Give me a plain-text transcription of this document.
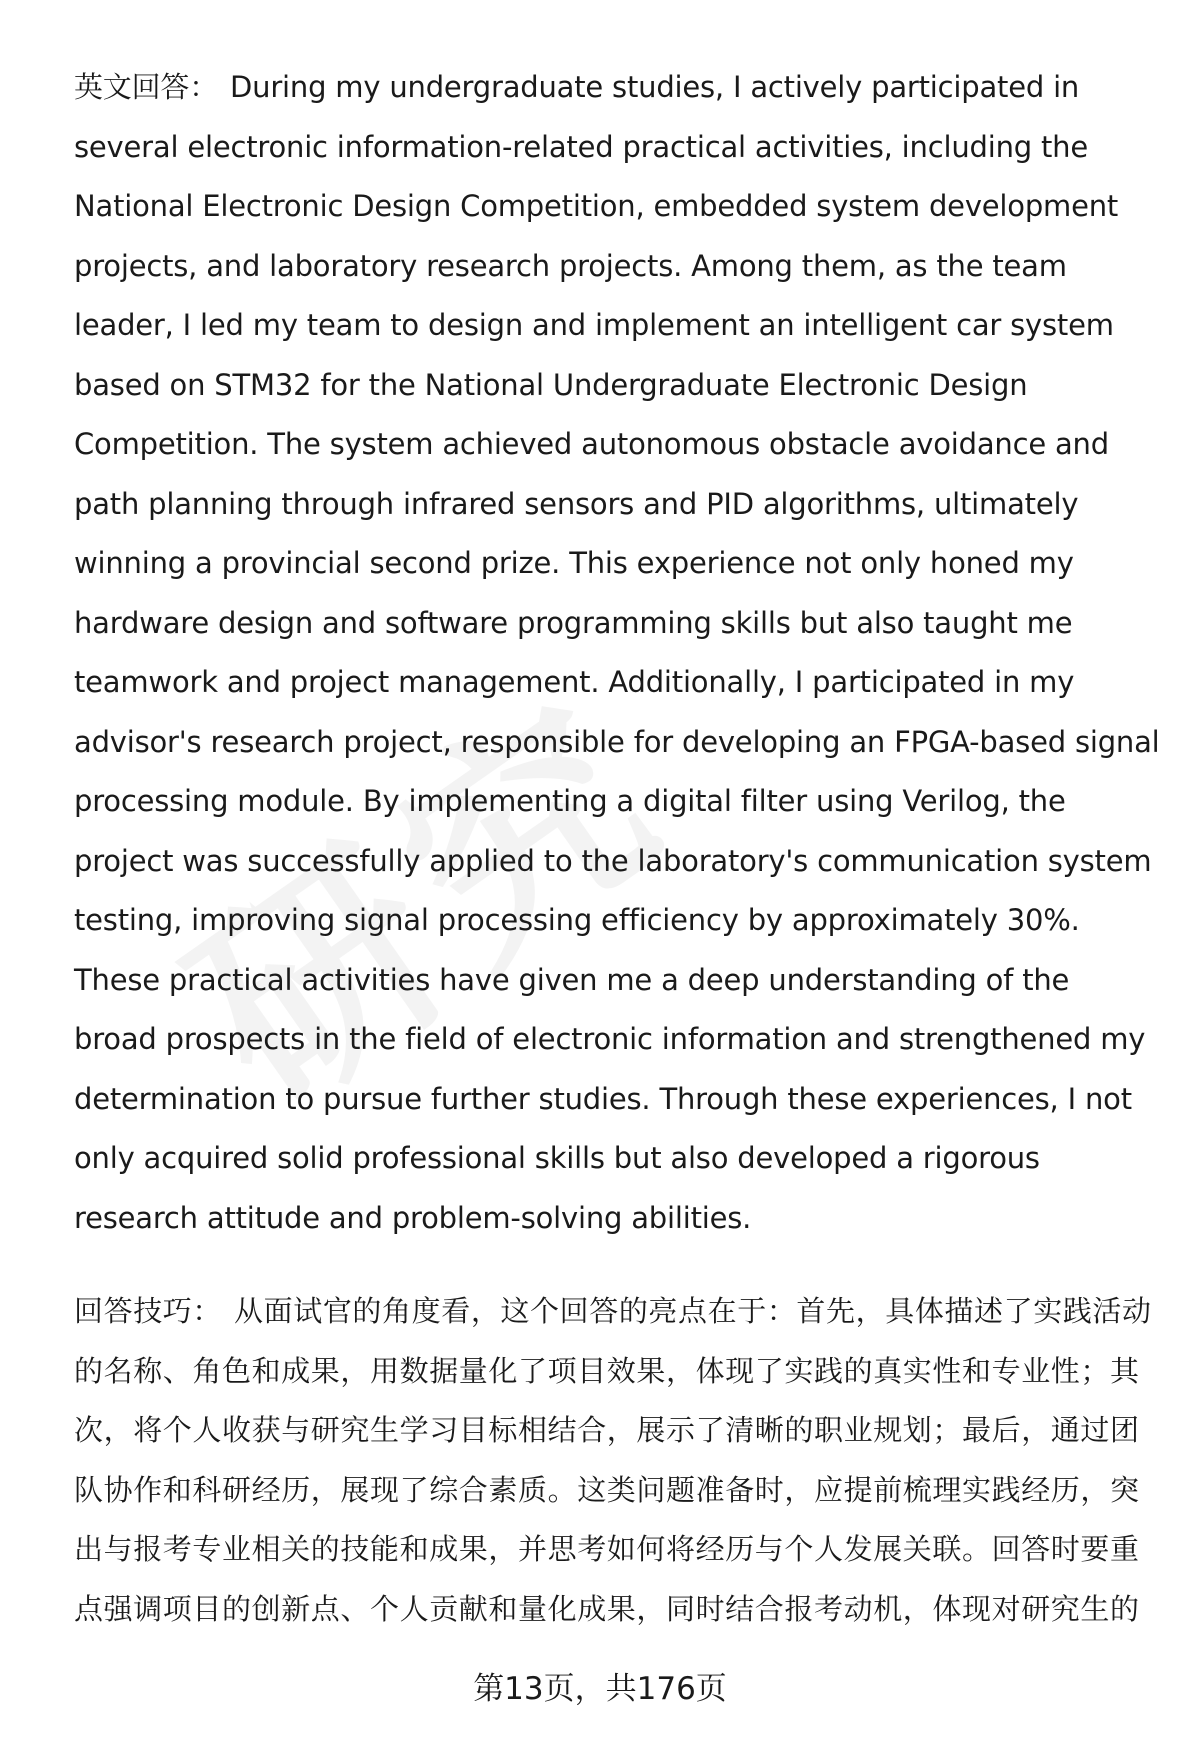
英文回答： During my undergraduate studies, I actively participated in several electronic information-related practical activities, including the National Electronic Design Competition, embedded system development projects, and laboratory research projects. Among them, as the team leader, I led my team to design and implement an intelligent car system based on STM32 for the National Undergraduate Electronic Design Competition. The system achieved autonomous obstacle avoidance and path planning through infrared sensors and PID algorithms, ultimately winning a provincial second prize. This experience not only honed my hardware design and software programming skills but also taught me teamwork and project management. Additionally, I participated in my advisor's research project, responsible for developing an FPGA-based signal processing module. By implementing a digital filter using Verilog, the project was successfully applied to the laboratory's communication system testing, improving signal processing efficiency by approximately 30%. These practical activities have given me a deep understanding of the broad prospects in the field of electronic information and strengthened my determination to pursue further studies. Through these experiences, I not only acquired solid professional skills but also developed a rigorous research attitude and problem-solving abilities.
回答技巧： 从面试官的角度看，这个回答的亮点在于：首先，具体描述了实践活动的名称、角色和成果，用数据量化了项目效果，体现了实践的真实性和专业性；其次，将个人收获与研究生学习目标相结合，展示了清晰的职业规划；最后，通过团队协作和科研经历，展现了综合素质。这类问题准备时，应提前梳理实践经历，突出与报考专业相关的技能和成果，并思考如何将经历与个人发展关联。回答时要重点强调项目的创新点、个人贡献和量化成果，同时结合报考动机，体现对研究生的
第13页，共176页
